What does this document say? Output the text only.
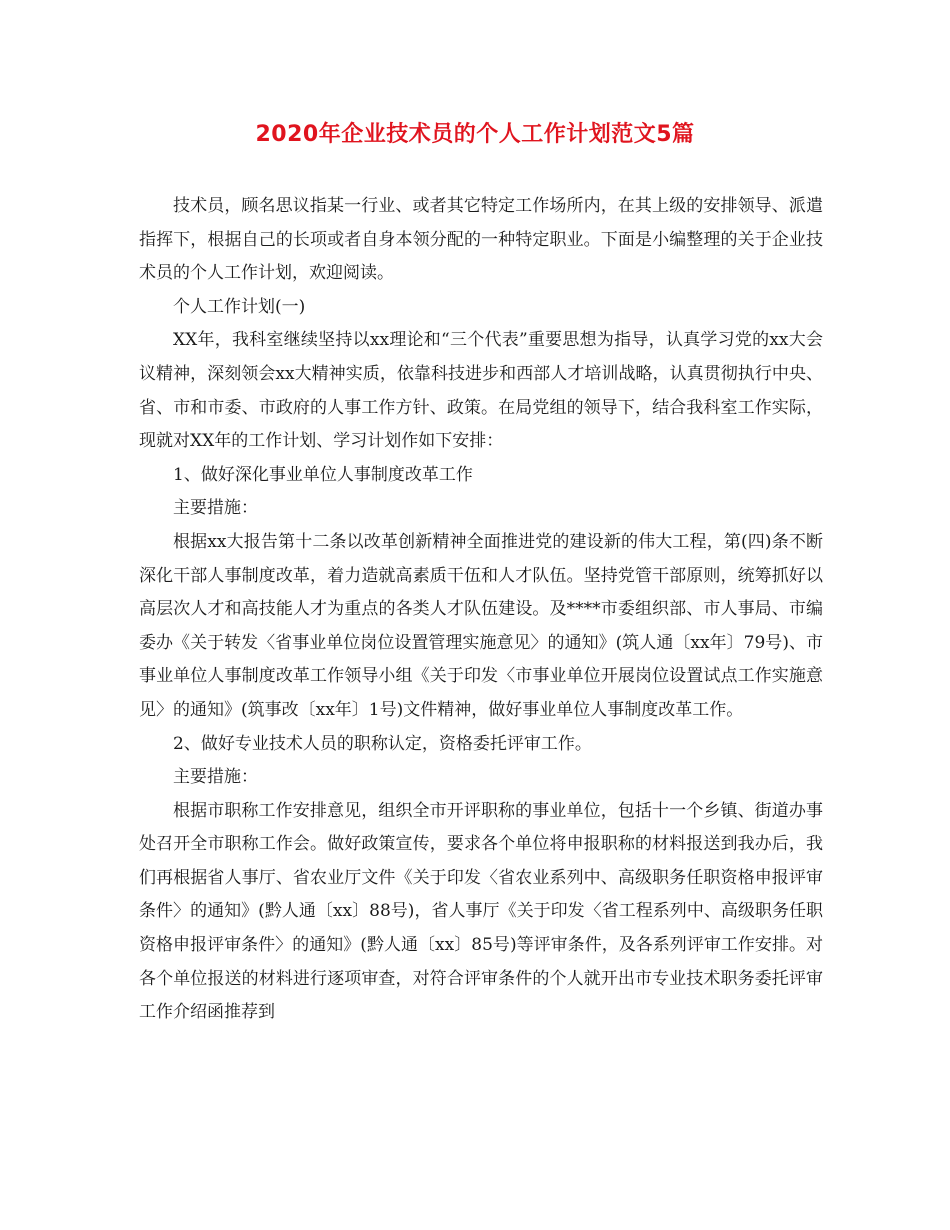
2020年企业技术员的个人工作计划范文5篇

技术员，顾名思议指某一行业、或者其它特定工作场所内，在其上级的安排领导、派遣指挥下，根据自己的长项或者自身本领分配的一种特定职业。下面是小编整理的关于企业技术员的个人工作计划，欢迎阅读。

个人工作计划(一)

XX年，我科室继续坚持以xx理论和“三个代表”重要思想为指导，认真学习党的xx大会议精神，深刻领会xx大精神实质，依靠科技进步和西部人才培训战略，认真贯彻执行中央、省、市和市委、市政府的人事工作方针、政策。在局党组的领导下，结合我科室工作实际，现就对XX年的工作计划、学习计划作如下安排：

1、做好深化事业单位人事制度改革工作

主要措施：

根据xx大报告第十二条以改革创新精神全面推进党的建设新的伟大工程，第(四)条不断深化干部人事制度改革，着力造就高素质干伍和人才队伍。坚持党管干部原则，统筹抓好以高层次人才和高技能人才为重点的各类人才队伍建设。及****市委组织部、市人事局、市编委办《关于转发〈省事业单位岗位设置管理实施意见〉的通知》(筑人通〔xx年〕79号)、市事业单位人事制度改革工作领导小组《关于印发〈市事业单位开展岗位设置试点工作实施意见〉的通知》(筑事改〔xx年〕1号)文件精神，做好事业单位人事制度改革工作。

2、做好专业技术人员的职称认定，资格委托评审工作。

主要措施：

根据市职称工作安排意见，组织全市开评职称的事业单位，包括十一个乡镇、街道办事处召开全市职称工作会。做好政策宣传，要求各个单位将申报职称的材料报送到我办后，我们再根据省人事厅、省农业厅文件《关于印发〈省农业系列中、高级职务任职资格申报评审条件〉的通知》(黔人通〔xx〕88号)，省人事厅《关于印发〈省工程系列中、高级职务任职资格申报评审条件〉的通知》(黔人通〔xx〕85号)等评审条件，及各系列评审工作安排。对各个单位报送的材料进行逐项审查，对符合评审条件的个人就开出市专业技术职务委托评审工作介绍函推荐到
